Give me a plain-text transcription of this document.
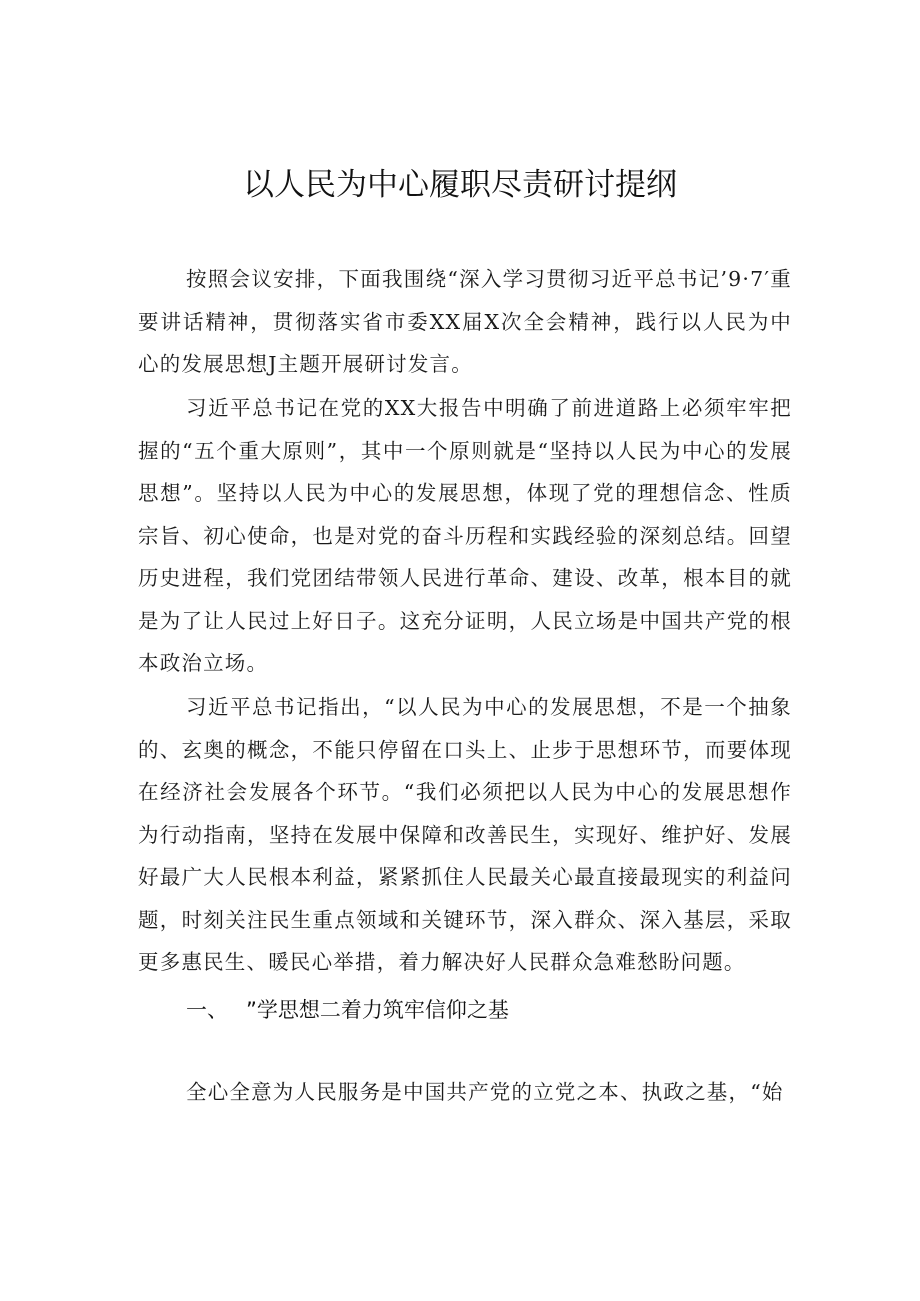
以人民为中心履职尽责研讨提纲

按照会议安排，下面我围绕“深入学习贯彻习近平总书记’9·7′重要讲话精神，贯彻落实省市委XX届X次全会精神，践行以人民为中心的发展思想J主题开展研讨发言。

习近平总书记在党的XX大报告中明确了前进道路上必须牢牢把握的“五个重大原则”，其中一个原则就是“坚持以人民为中心的发展思想”。坚持以人民为中心的发展思想，体现了党的理想信念、性质宗旨、初心使命，也是对党的奋斗历程和实践经验的深刻总结。回望历史进程，我们党团结带领人民进行革命、建设、改革，根本目的就是为了让人民过上好日子。这充分证明，人民立场是中国共产党的根本政治立场。

习近平总书记指出，“以人民为中心的发展思想，不是一个抽象的、玄奥的概念，不能只停留在口头上、止步于思想环节，而要体现在经济社会发展各个环节。“我们必须把以人民为中心的发展思想作为行动指南，坚持在发展中保障和改善民生，实现好、维护好、发展好最广大人民根本利益，紧紧抓住人民最关心最直接最现实的利益问题，时刻关注民生重点领域和关键环节，深入群众、深入基层，采取更多惠民生、暖民心举措，着力解决好人民群众急难愁盼问题。

一、 ”学思想二着力筑牢信仰之基

全心全意为人民服务是中国共产党的立党之本、执政之基，“始
